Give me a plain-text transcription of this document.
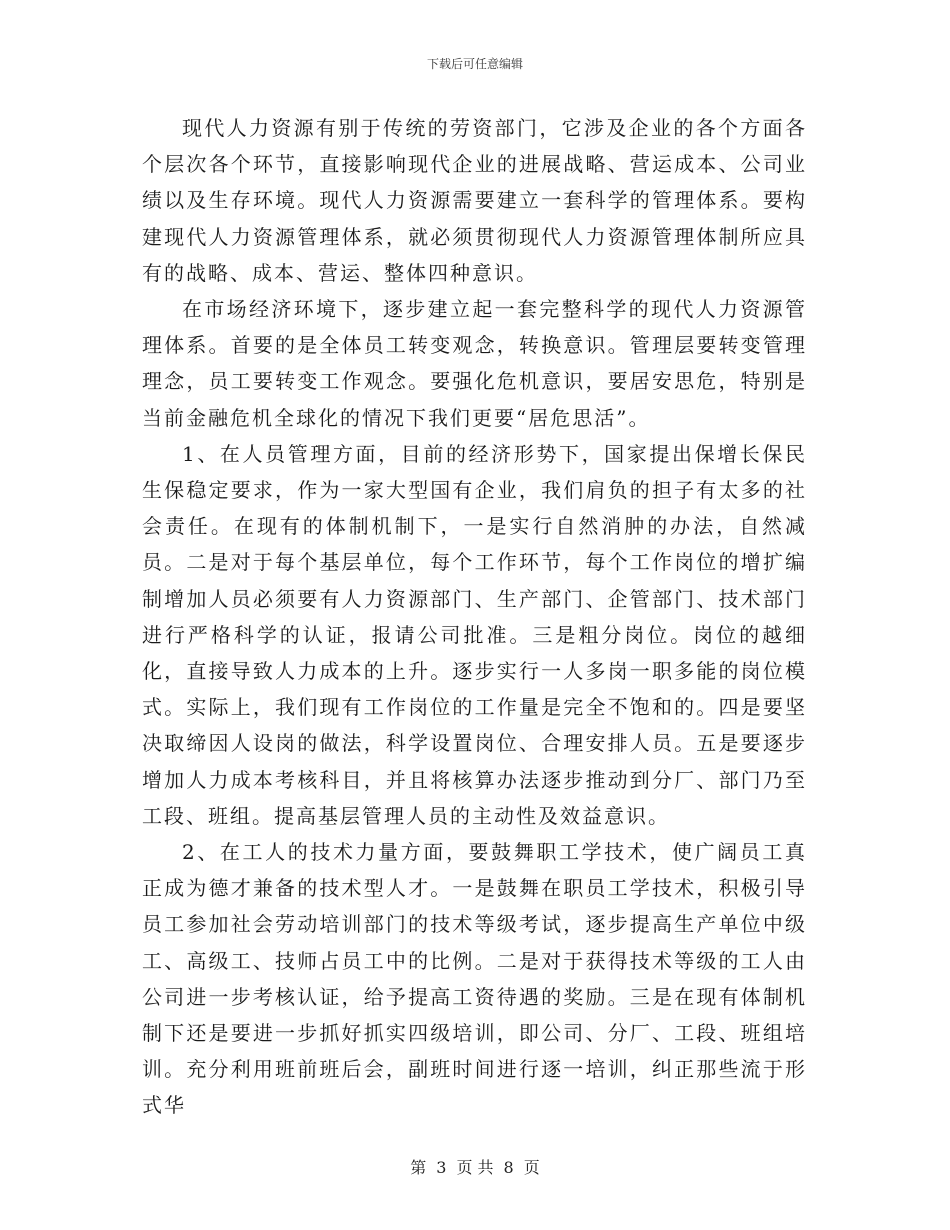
下载后可任意编辑

现代人力资源有别于传统的劳资部门，它涉及企业的各个方面各个层次各个环节，直接影响现代企业的进展战略、营运成本、公司业绩以及生存环境。现代人力资源需要建立一套科学的管理体系。要构建现代人力资源管理体系，就必须贯彻现代人力资源管理体制所应具有的战略、成本、营运、整体四种意识。

在市场经济环境下，逐步建立起一套完整科学的现代人力资源管理体系。首要的是全体员工转变观念，转换意识。管理层要转变管理理念，员工要转变工作观念。要强化危机意识，要居安思危，特别是当前金融危机全球化的情况下我们更要“居危思活”。

1、在人员管理方面，目前的经济形势下，国家提出保增长保民生保稳定要求，作为一家大型国有企业，我们肩负的担子有太多的社会责任。在现有的体制机制下，一是实行自然消肿的办法，自然减员。二是对于每个基层单位，每个工作环节，每个工作岗位的增扩编制增加人员必须要有人力资源部门、生产部门、企管部门、技术部门进行严格科学的认证，报请公司批准。三是粗分岗位。岗位的越细化，直接导致人力成本的上升。逐步实行一人多岗一职多能的岗位模式。实际上，我们现有工作岗位的工作量是完全不饱和的。四是要坚决取缔因人设岗的做法，科学设置岗位、合理安排人员。五是要逐步增加人力成本考核科目，并且将核算办法逐步推动到分厂、部门乃至工段、班组。提高基层管理人员的主动性及效益意识。

2、在工人的技术力量方面，要鼓舞职工学技术，使广阔员工真正成为德才兼备的技术型人才。一是鼓舞在职员工学技术，积极引导员工参加社会劳动培训部门的技术等级考试，逐步提高生产单位中级工、高级工、技师占员工中的比例。二是对于获得技术等级的工人由公司进一步考核认证，给予提高工资待遇的奖励。三是在现有体制机制下还是要进一步抓好抓实四级培训，即公司、分厂、工段、班组培训。充分利用班前班后会，副班时间进行逐一培训，纠正那些流于形式华

第 3 页 共 8 页
